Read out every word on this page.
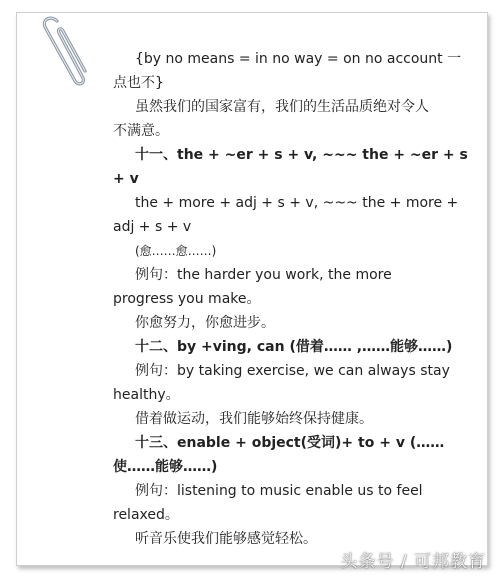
{by no means = in no way = on no account 一
点也不}
虽然我们的国家富有，我们的生活品质绝对令人
不满意。
十一、the + ~er + s + v, ~~~ the + ~er + s
+ v
the + more + adj + s + v, ~~~ the + more +
adj + s + v
(愈……愈……)
例句：the harder you work, the more
progress you make。
你愈努力，你愈进步。
十二、by +ving, can (借着…… ,……能够……)
例句：by taking exercise, we can always stay
healthy。
借着做运动，我们能够始终保持健康。
十三、enable + object(受词)+ to + v (……
使……能够……)
例句：listening to music enable us to feel
relaxed。
听音乐使我们能够感觉轻松。
头条号 / 可邦教育
